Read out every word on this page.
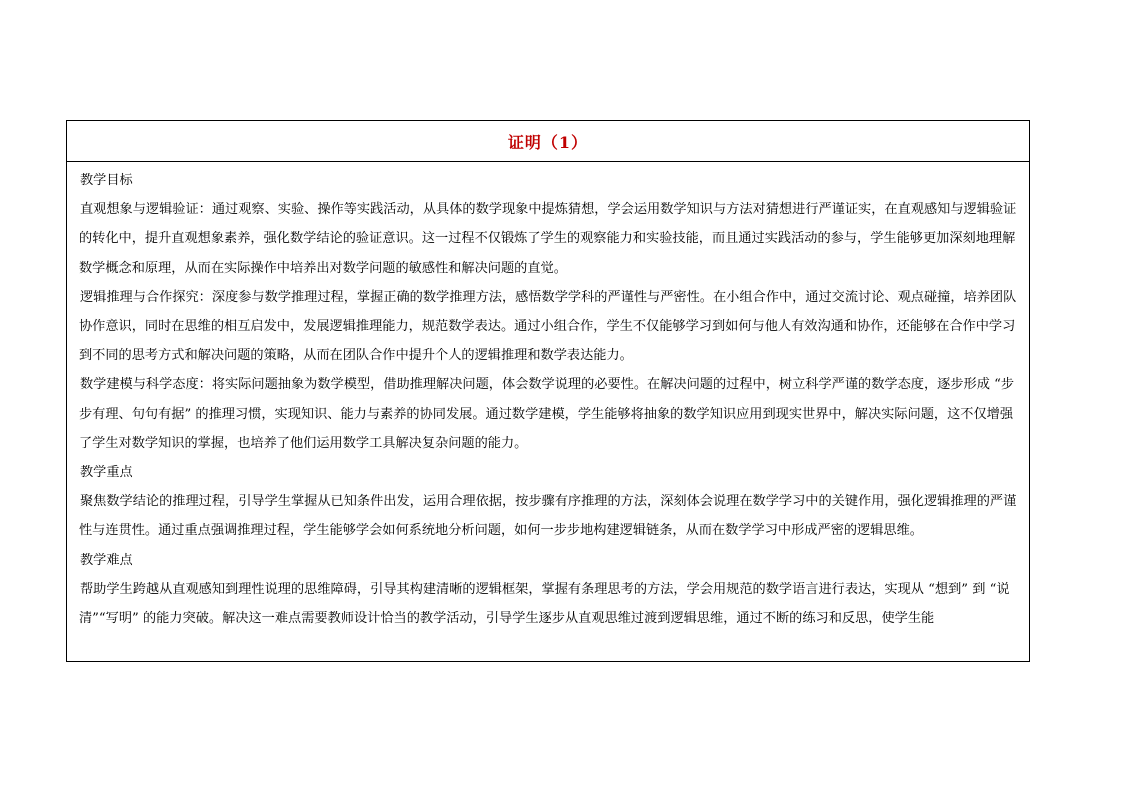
证明（1）

教学目标

直观想象与逻辑验证：通过观察、实验、操作等实践活动，从具体的数学现象中提炼猜想，学会运用数学知识与方法对猜想进行严谨证实，在直观感知与逻辑验证的转化中，提升直观想象素养，强化数学结论的验证意识。这一过程不仅锻炼了学生的观察能力和实验技能，而且通过实践活动的参与，学生能够更加深刻地理解数学概念和原理，从而在实际操作中培养出对数学问题的敏感性和解决问题的直觉。

逻辑推理与合作探究：深度参与数学推理过程，掌握正确的数学推理方法，感悟数学学科的严谨性与严密性。在小组合作中，通过交流讨论、观点碰撞，培养团队协作意识，同时在思维的相互启发中，发展逻辑推理能力，规范数学表达。通过小组合作，学生不仅能够学习到如何与他人有效沟通和协作，还能够在合作中学习到不同的思考方式和解决问题的策略，从而在团队合作中提升个人的逻辑推理和数学表达能力。

数学建模与科学态度：将实际问题抽象为数学模型，借助推理解决问题，体会数学说理的必要性。在解决问题的过程中，树立科学严谨的数学态度，逐步形成 “步步有理、句句有据” 的推理习惯，实现知识、能力与素养的协同发展。通过数学建模，学生能够将抽象的数学知识应用到现实世界中，解决实际问题，这不仅增强了学生对数学知识的掌握，也培养了他们运用数学工具解决复杂问题的能力。

教学重点

聚焦数学结论的推理过程，引导学生掌握从已知条件出发，运用合理依据，按步骤有序推理的方法，深刻体会说理在数学学习中的关键作用，强化逻辑推理的严谨性与连贯性。通过重点强调推理过程，学生能够学会如何系统地分析问题，如何一步步地构建逻辑链条，从而在数学学习中形成严密的逻辑思维。

教学难点

帮助学生跨越从直观感知到理性说理的思维障碍，引导其构建清晰的逻辑框架，掌握有条理思考的方法，学会用规范的数学语言进行表达，实现从 “想到” 到 “说清”“写明” 的能力突破。解决这一难点需要教师设计恰当的教学活动，引导学生逐步从直观思维过渡到逻辑思维，通过不断的练习和反思，使学生能
